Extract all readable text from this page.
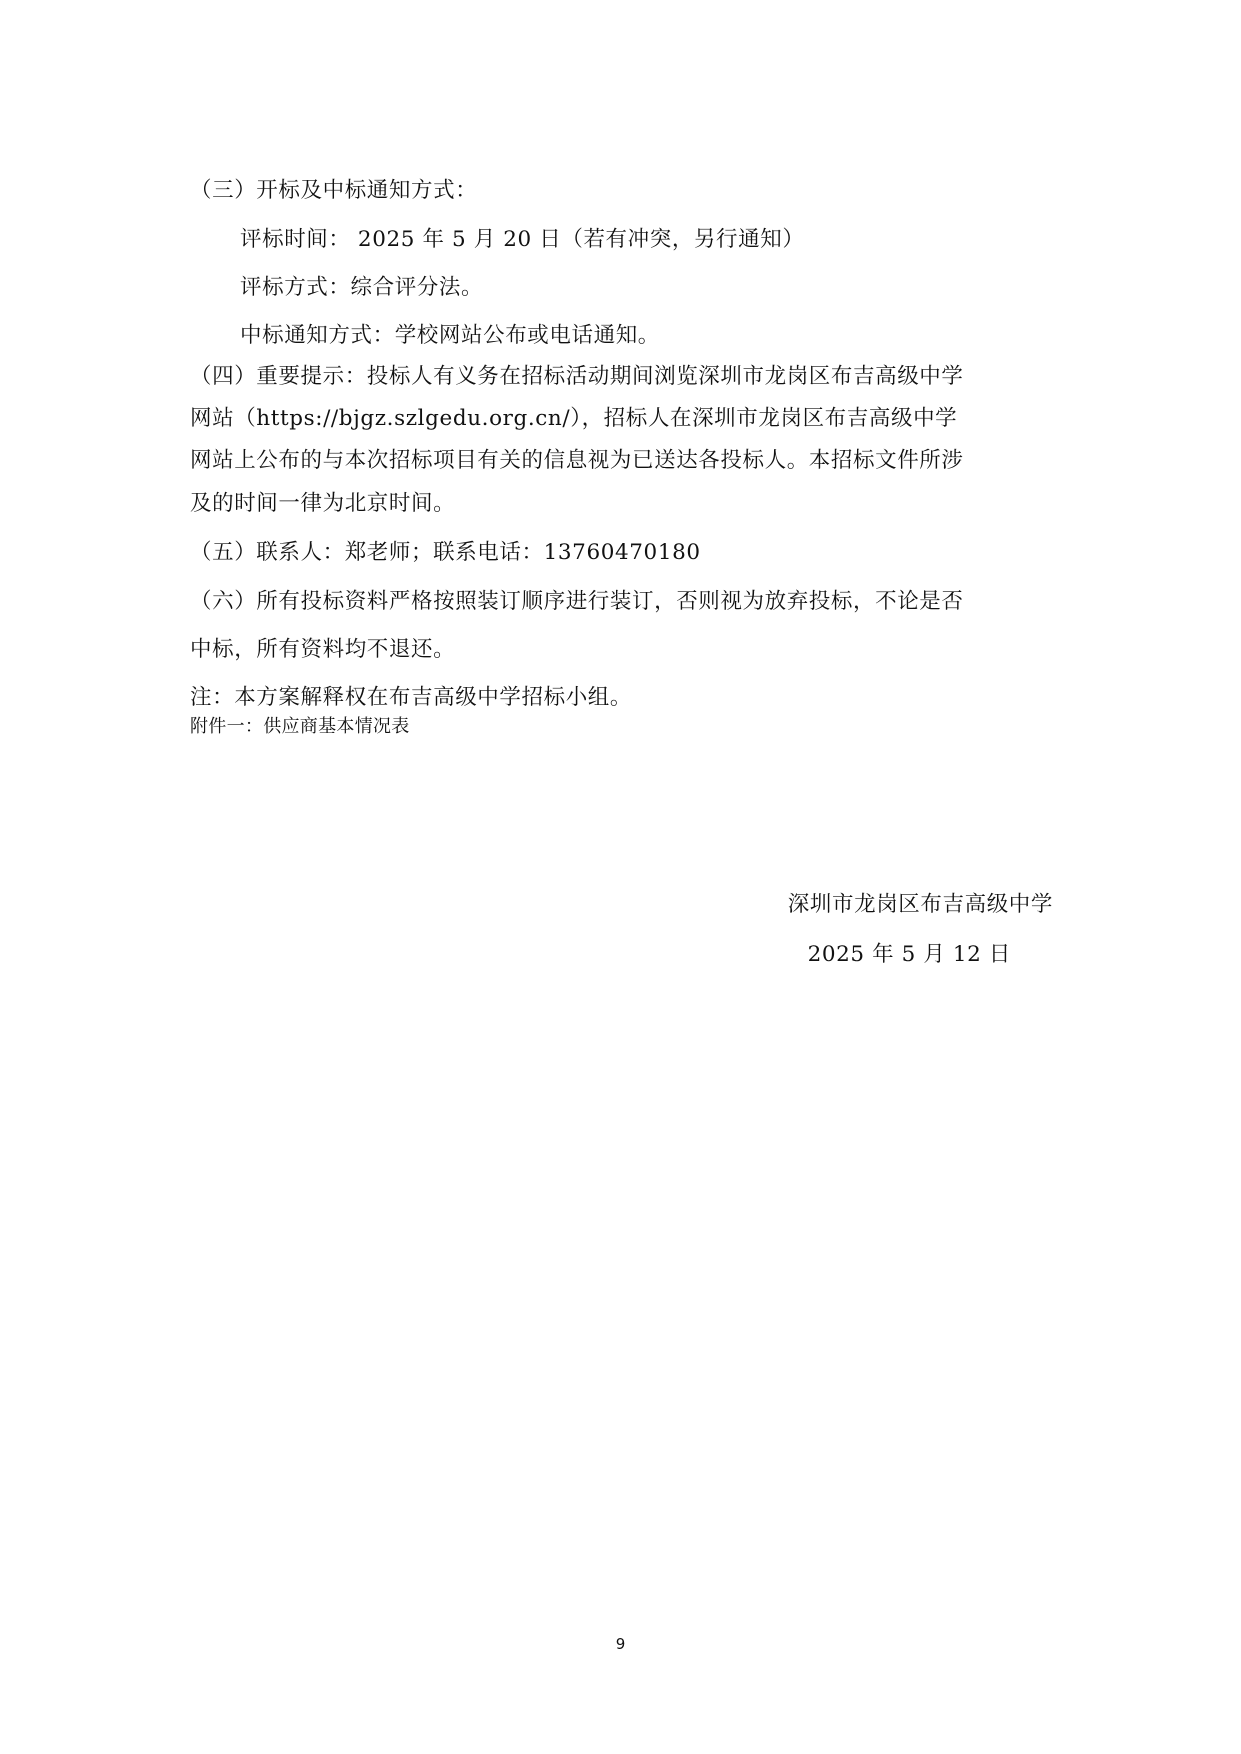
（三）开标及中标通知方式：
评标时间： 2025 年 5 月 20 日（若有冲突，另行通知）
评标方式：综合评分法。
中标通知方式：学校网站公布或电话通知。
（四）重要提示：投标人有义务在招标活动期间浏览深圳市龙岗区布吉高级中学
网站（https://bjgz.szlgedu.org.cn/），招标人在深圳市龙岗区布吉高级中学
网站上公布的与本次招标项目有关的信息视为已送达各投标人。本招标文件所涉
及的时间一律为北京时间。
（五）联系人：郑老师；联系电话：13760470180
（六）所有投标资料严格按照装订顺序进行装订，否则视为放弃投标，不论是否
中标，所有资料均不退还。
注：本方案解释权在布吉高级中学招标小组。
附件一：供应商基本情况表
深圳市龙岗区布吉高级中学
2025 年 5 月 12 日
9
